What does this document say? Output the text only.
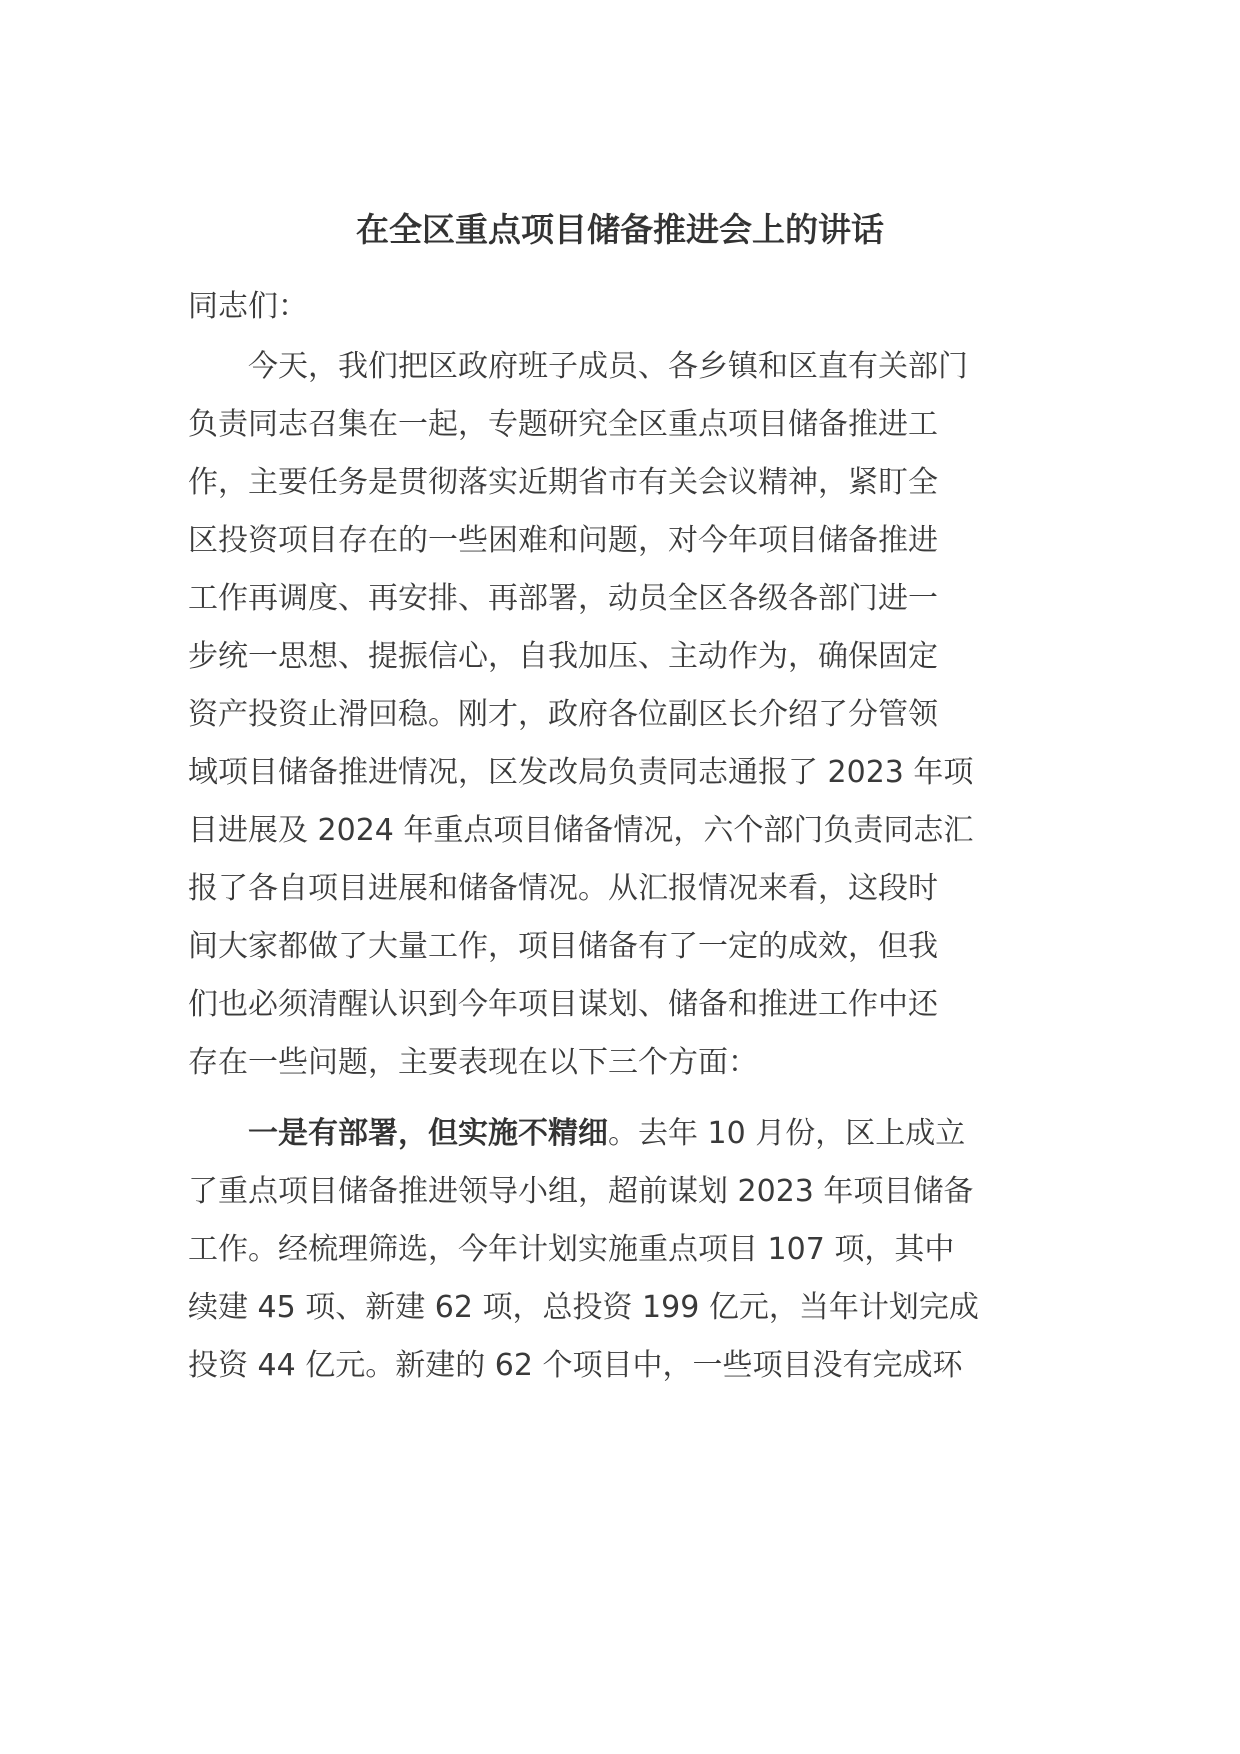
在全区重点项目储备推进会上的讲话
同志们：
　　今天，我们把区政府班子成员、各乡镇和区直有关部门
负责同志召集在一起，专题研究全区重点项目储备推进工
作，主要任务是贯彻落实近期省市有关会议精神，紧盯全
区投资项目存在的一些困难和问题，对今年项目储备推进
工作再调度、再安排、再部署，动员全区各级各部门进一
步统一思想、提振信心，自我加压、主动作为，确保固定
资产投资止滑回稳。刚才，政府各位副区长介绍了分管领
域项目储备推进情况，区发改局负责同志通报了 2023 年项
目进展及 2024 年重点项目储备情况，六个部门负责同志汇
报了各自项目进展和储备情况。从汇报情况来看，这段时
间大家都做了大量工作，项目储备有了一定的成效，但我
们也必须清醒认识到今年项目谋划、储备和推进工作中还
存在一些问题，主要表现在以下三个方面：
　　一是有部署，但实施不精细。去年 10 月份，区上成立
了重点项目储备推进领导小组，超前谋划 2023 年项目储备
工作。经梳理筛选，今年计划实施重点项目 107 项，其中
续建 45 项、新建 62 项，总投资 199 亿元，当年计划完成
投资 44 亿元。新建的 62 个项目中，一些项目没有完成环
